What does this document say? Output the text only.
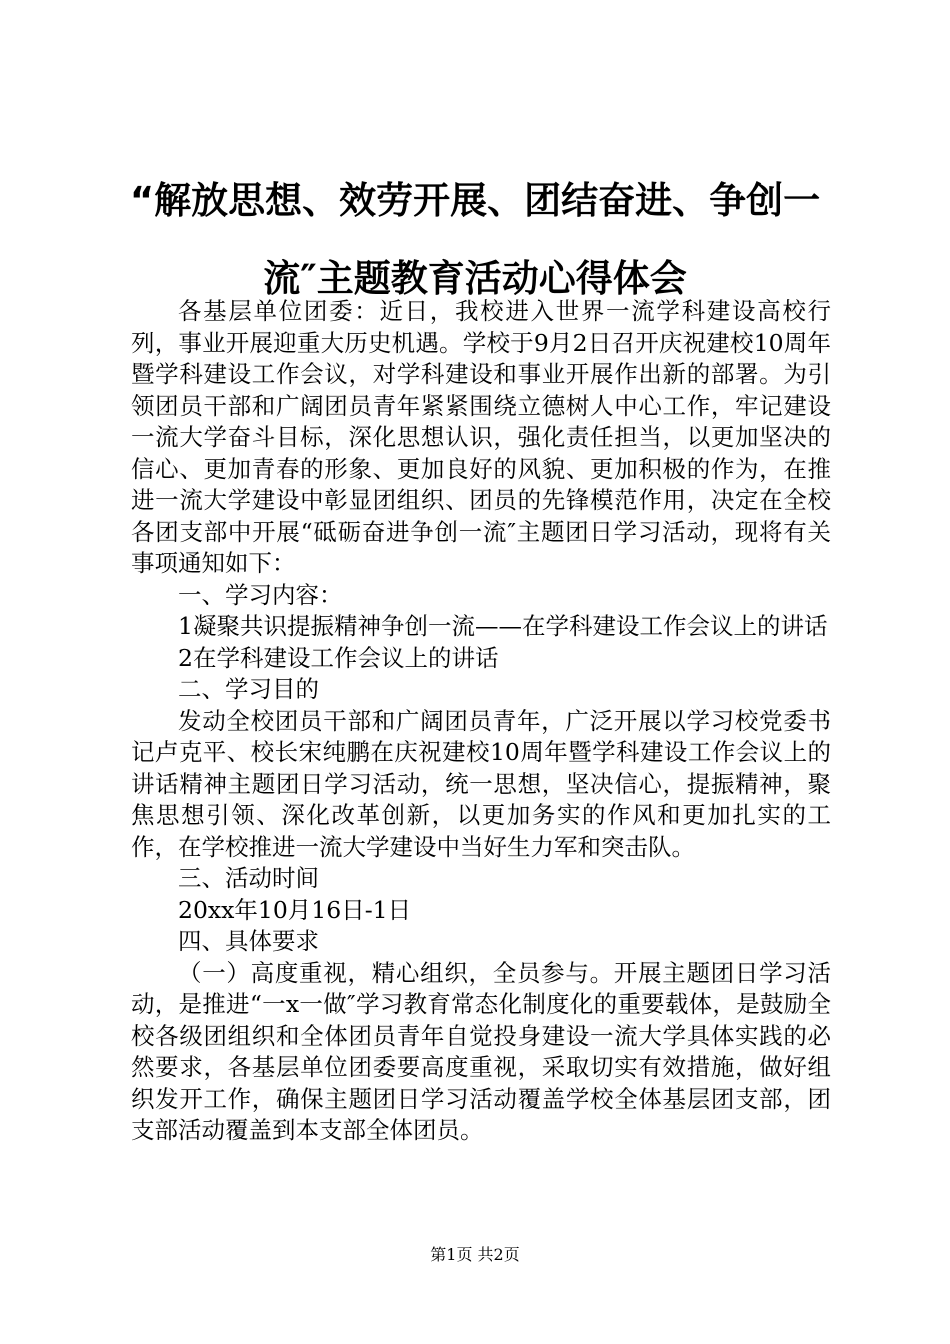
“解放思想、效劳开展、团结奋进、争创一
流″主题教育活动心得体会

各基层单位团委：近日，我校进入世界一流学科建设高校行列，事业开展迎重大历史机遇。学校于9月2日召开庆祝建校10周年暨学科建设工作会议，对学科建设和事业开展作出新的部署。为引领团员干部和广阔团员青年紧紧围绕立德树人中心工作，牢记建设一流大学奋斗目标，深化思想认识，强化责任担当，以更加坚决的信心、更加青春的形象、更加良好的风貌、更加积极的作为，在推进一流大学建设中彰显团组织、团员的先锋模范作用，决定在全校各团支部中开展“砥砺奋进争创一流″主题团日学习活动，现将有关事项通知如下：

一、学习内容：

1凝聚共识提振精神争创一流——在学科建设工作会议上的讲话

2在学科建设工作会议上的讲话

二、学习目的

发动全校团员干部和广阔团员青年，广泛开展以学习校党委书记卢克平、校长宋纯鹏在庆祝建校10周年暨学科建设工作会议上的讲话精神主题团日学习活动，统一思想，坚决信心，提振精神，聚焦思想引领、深化改革创新，以更加务实的作风和更加扎实的工作，在学校推进一流大学建设中当好生力军和突击队。

三、活动时间

20xx年10月16日-1日

四、具体要求

（一）高度重视，精心组织，全员参与。开展主题团日学习活动，是推进“一x一做″学习教育常态化制度化的重要载体，是鼓励全校各级团组织和全体团员青年自觉投身建设一流大学具体实践的必然要求，各基层单位团委要高度重视，采取切实有效措施，做好组织发开工作，确保主题团日学习活动覆盖学校全体基层团支部，团支部活动覆盖到本支部全体团员。

第1页 共2页
